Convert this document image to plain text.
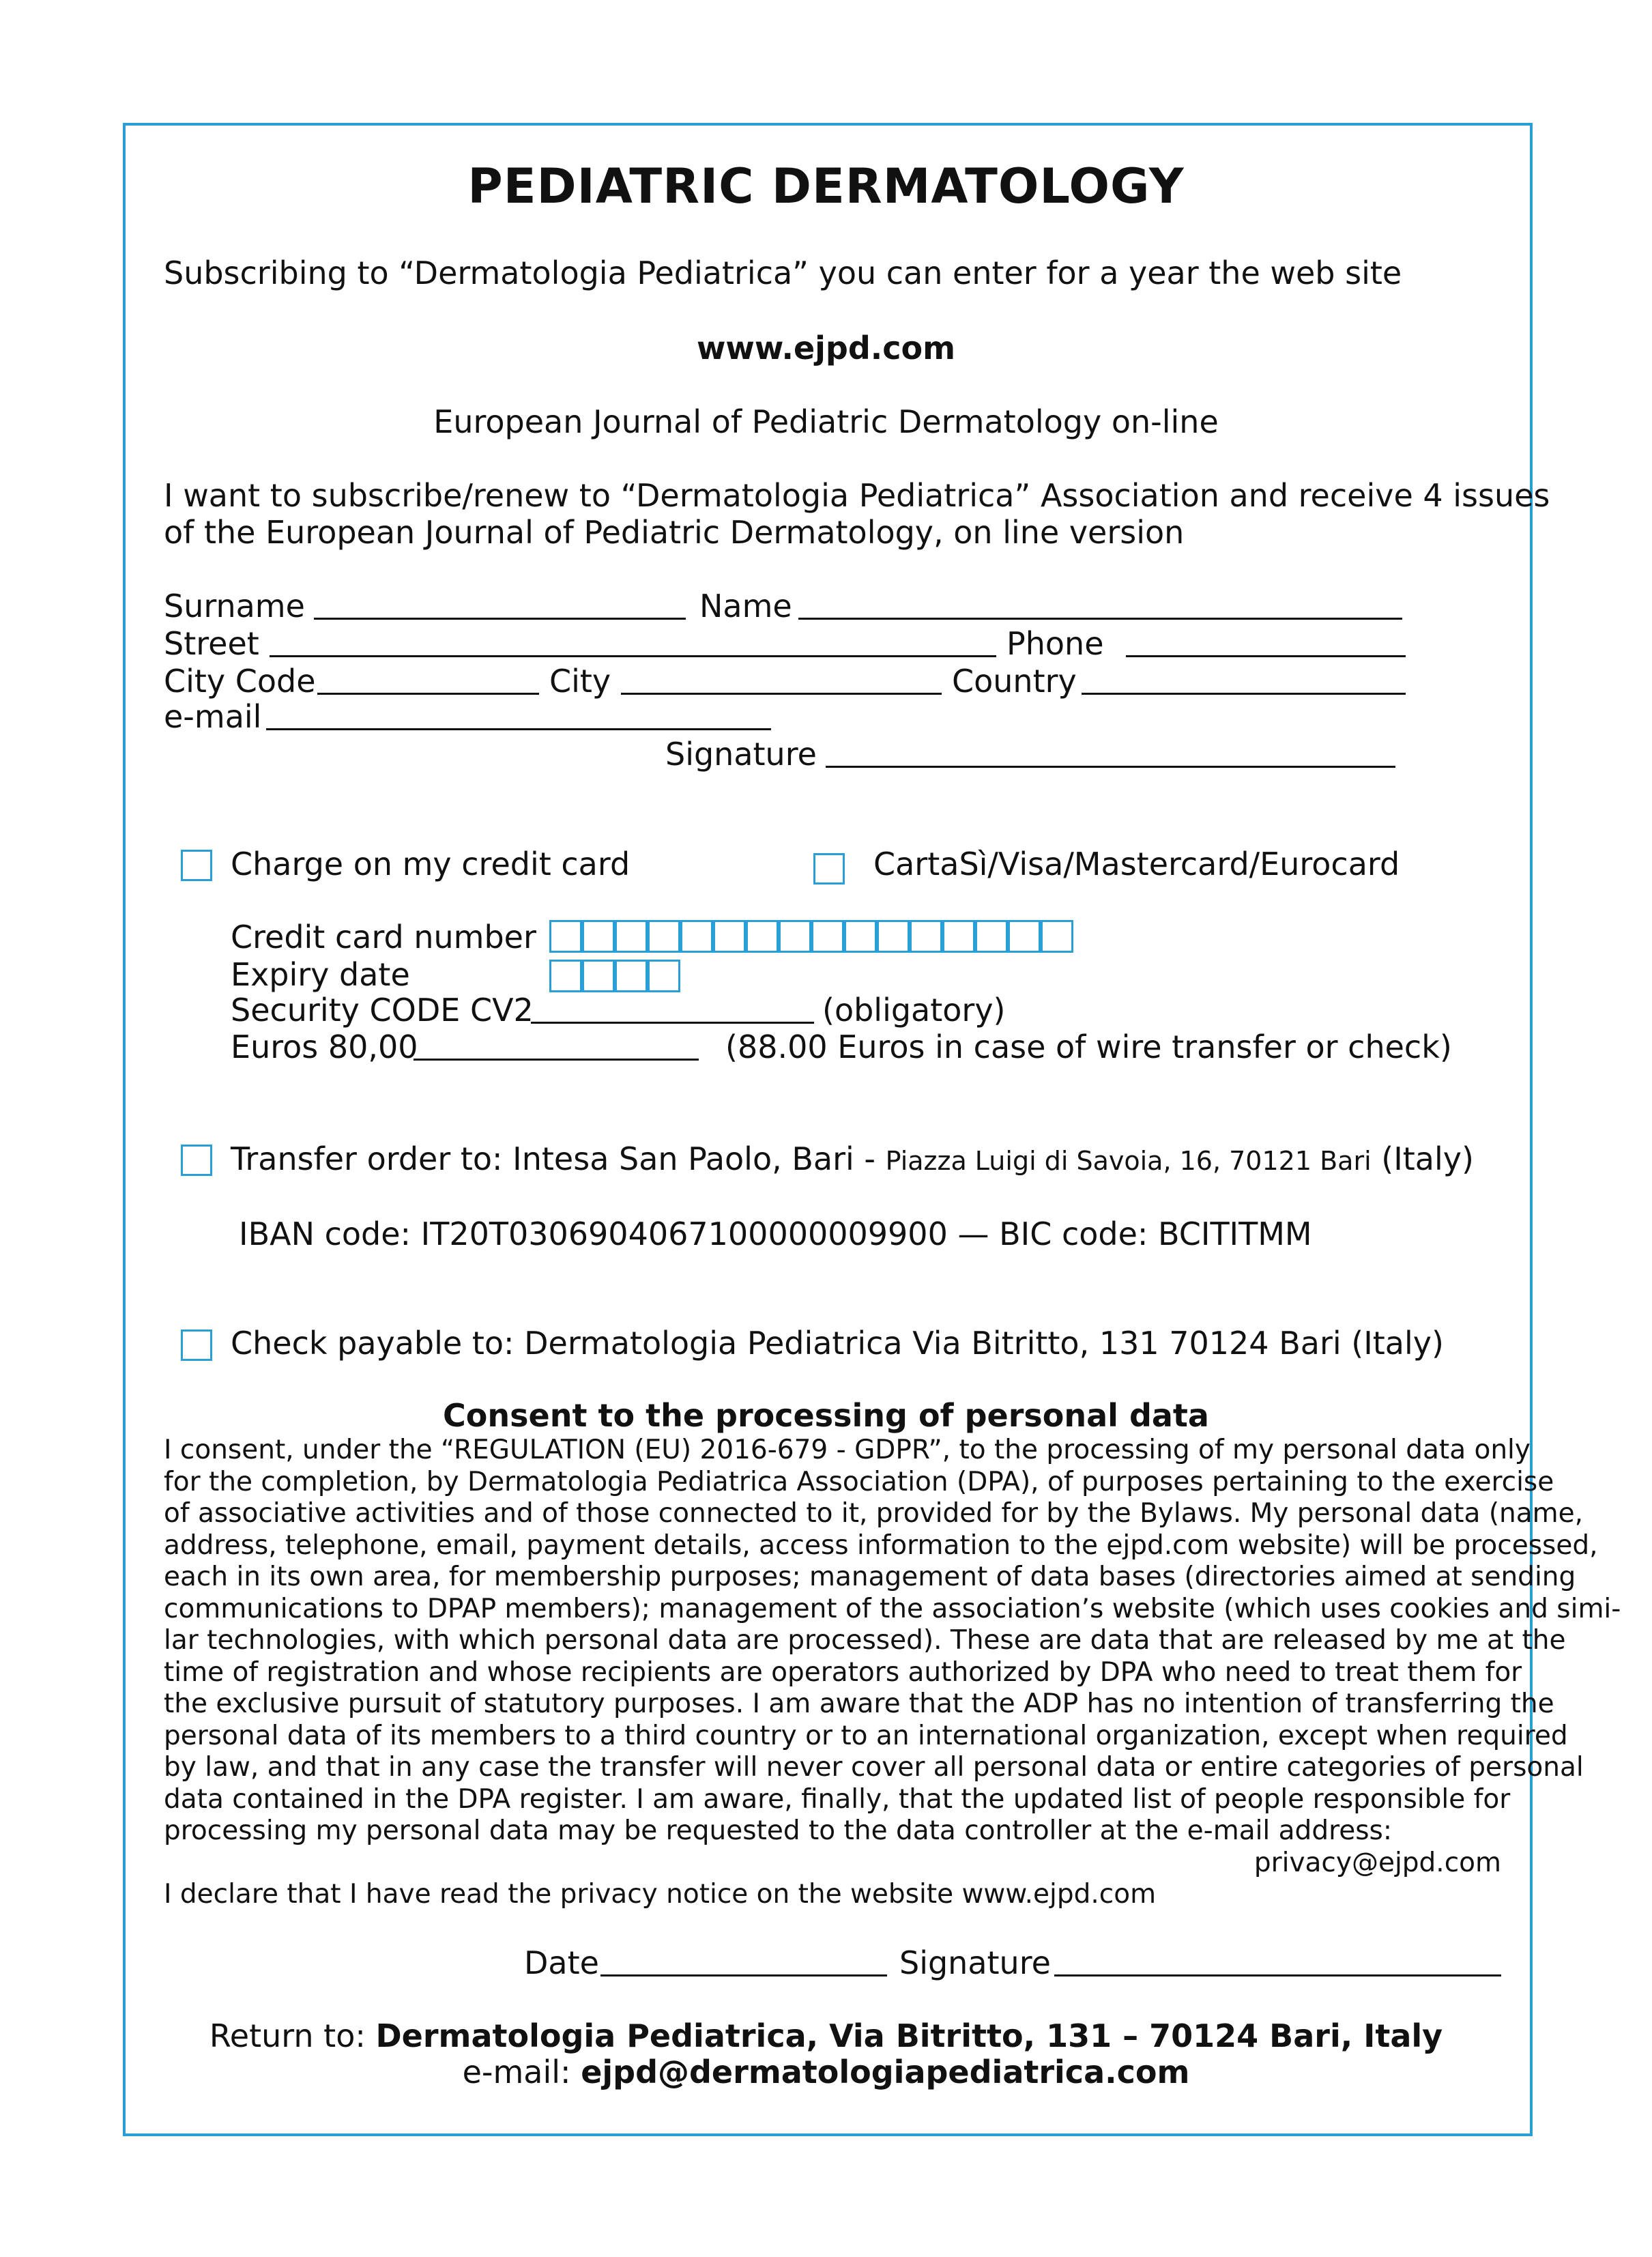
PEDIATRIC DERMATOLOGY
Subscribing to “Dermatologia Pediatrica” you can enter for a year the web site
www.ejpd.com
European Journal of Pediatric Dermatology on-line
I want to subscribe/renew to “Dermatologia Pediatrica” Association and receive 4 issues
of the European Journal of Pediatric Dermatology, on line version
Surname	Name
Street	Phone
City Code	City	Country
e-mail
Signature
Charge on my credit card	CartaSì/Visa/Mastercard/Eurocard
Credit card number
Expiry date
Security CODE CV2	(obligatory)
Euros 80,00	(88.00 Euros in case of wire transfer or check)
Transfer order to: Intesa San Paolo, Bari - Piazza Luigi di Savoia, 16, 70121 Bari (Italy)
IBAN code: IT20T0306904067100000009900 — BIC code: BCITITMM
Check payable to: Dermatologia Pediatrica Via Bitritto, 131 70124 Bari (Italy)
Consent to the processing of personal data
I consent, under the “REGULATION (EU) 2016-679 - GDPR”, to the processing of my personal data only
for the completion, by Dermatologia Pediatrica Association (DPA), of purposes pertaining to the exercise
of associative activities and of those connected to it, provided for by the Bylaws. My personal data (name,
address, telephone, email, payment details, access information to the ejpd.com website) will be processed,
each in its own area, for membership purposes; management of data bases (directories aimed at sending
communications to DPAP members); management of the association’s website (which uses cookies and simi-
lar technologies, with which personal data are processed). These are data that are released by me at the
time of registration and whose recipients are operators authorized by DPA who need to treat them for
the exclusive pursuit of statutory purposes. I am aware that the ADP has no intention of transferring the
personal data of its members to a third country or to an international organization, except when required
by law, and that in any case the transfer will never cover all personal data or entire categories of personal
data contained in the DPA register. I am aware, finally, that the updated list of people responsible for
processing my personal data may be requested to the data controller at the e-mail address:
privacy@ejpd.com
I declare that I have read the privacy notice on the website www.ejpd.com
Date	Signature
Return to: Dermatologia Pediatrica, Via Bitritto, 131 – 70124 Bari, Italy
e-mail: ejpd@dermatologiapediatrica.com
